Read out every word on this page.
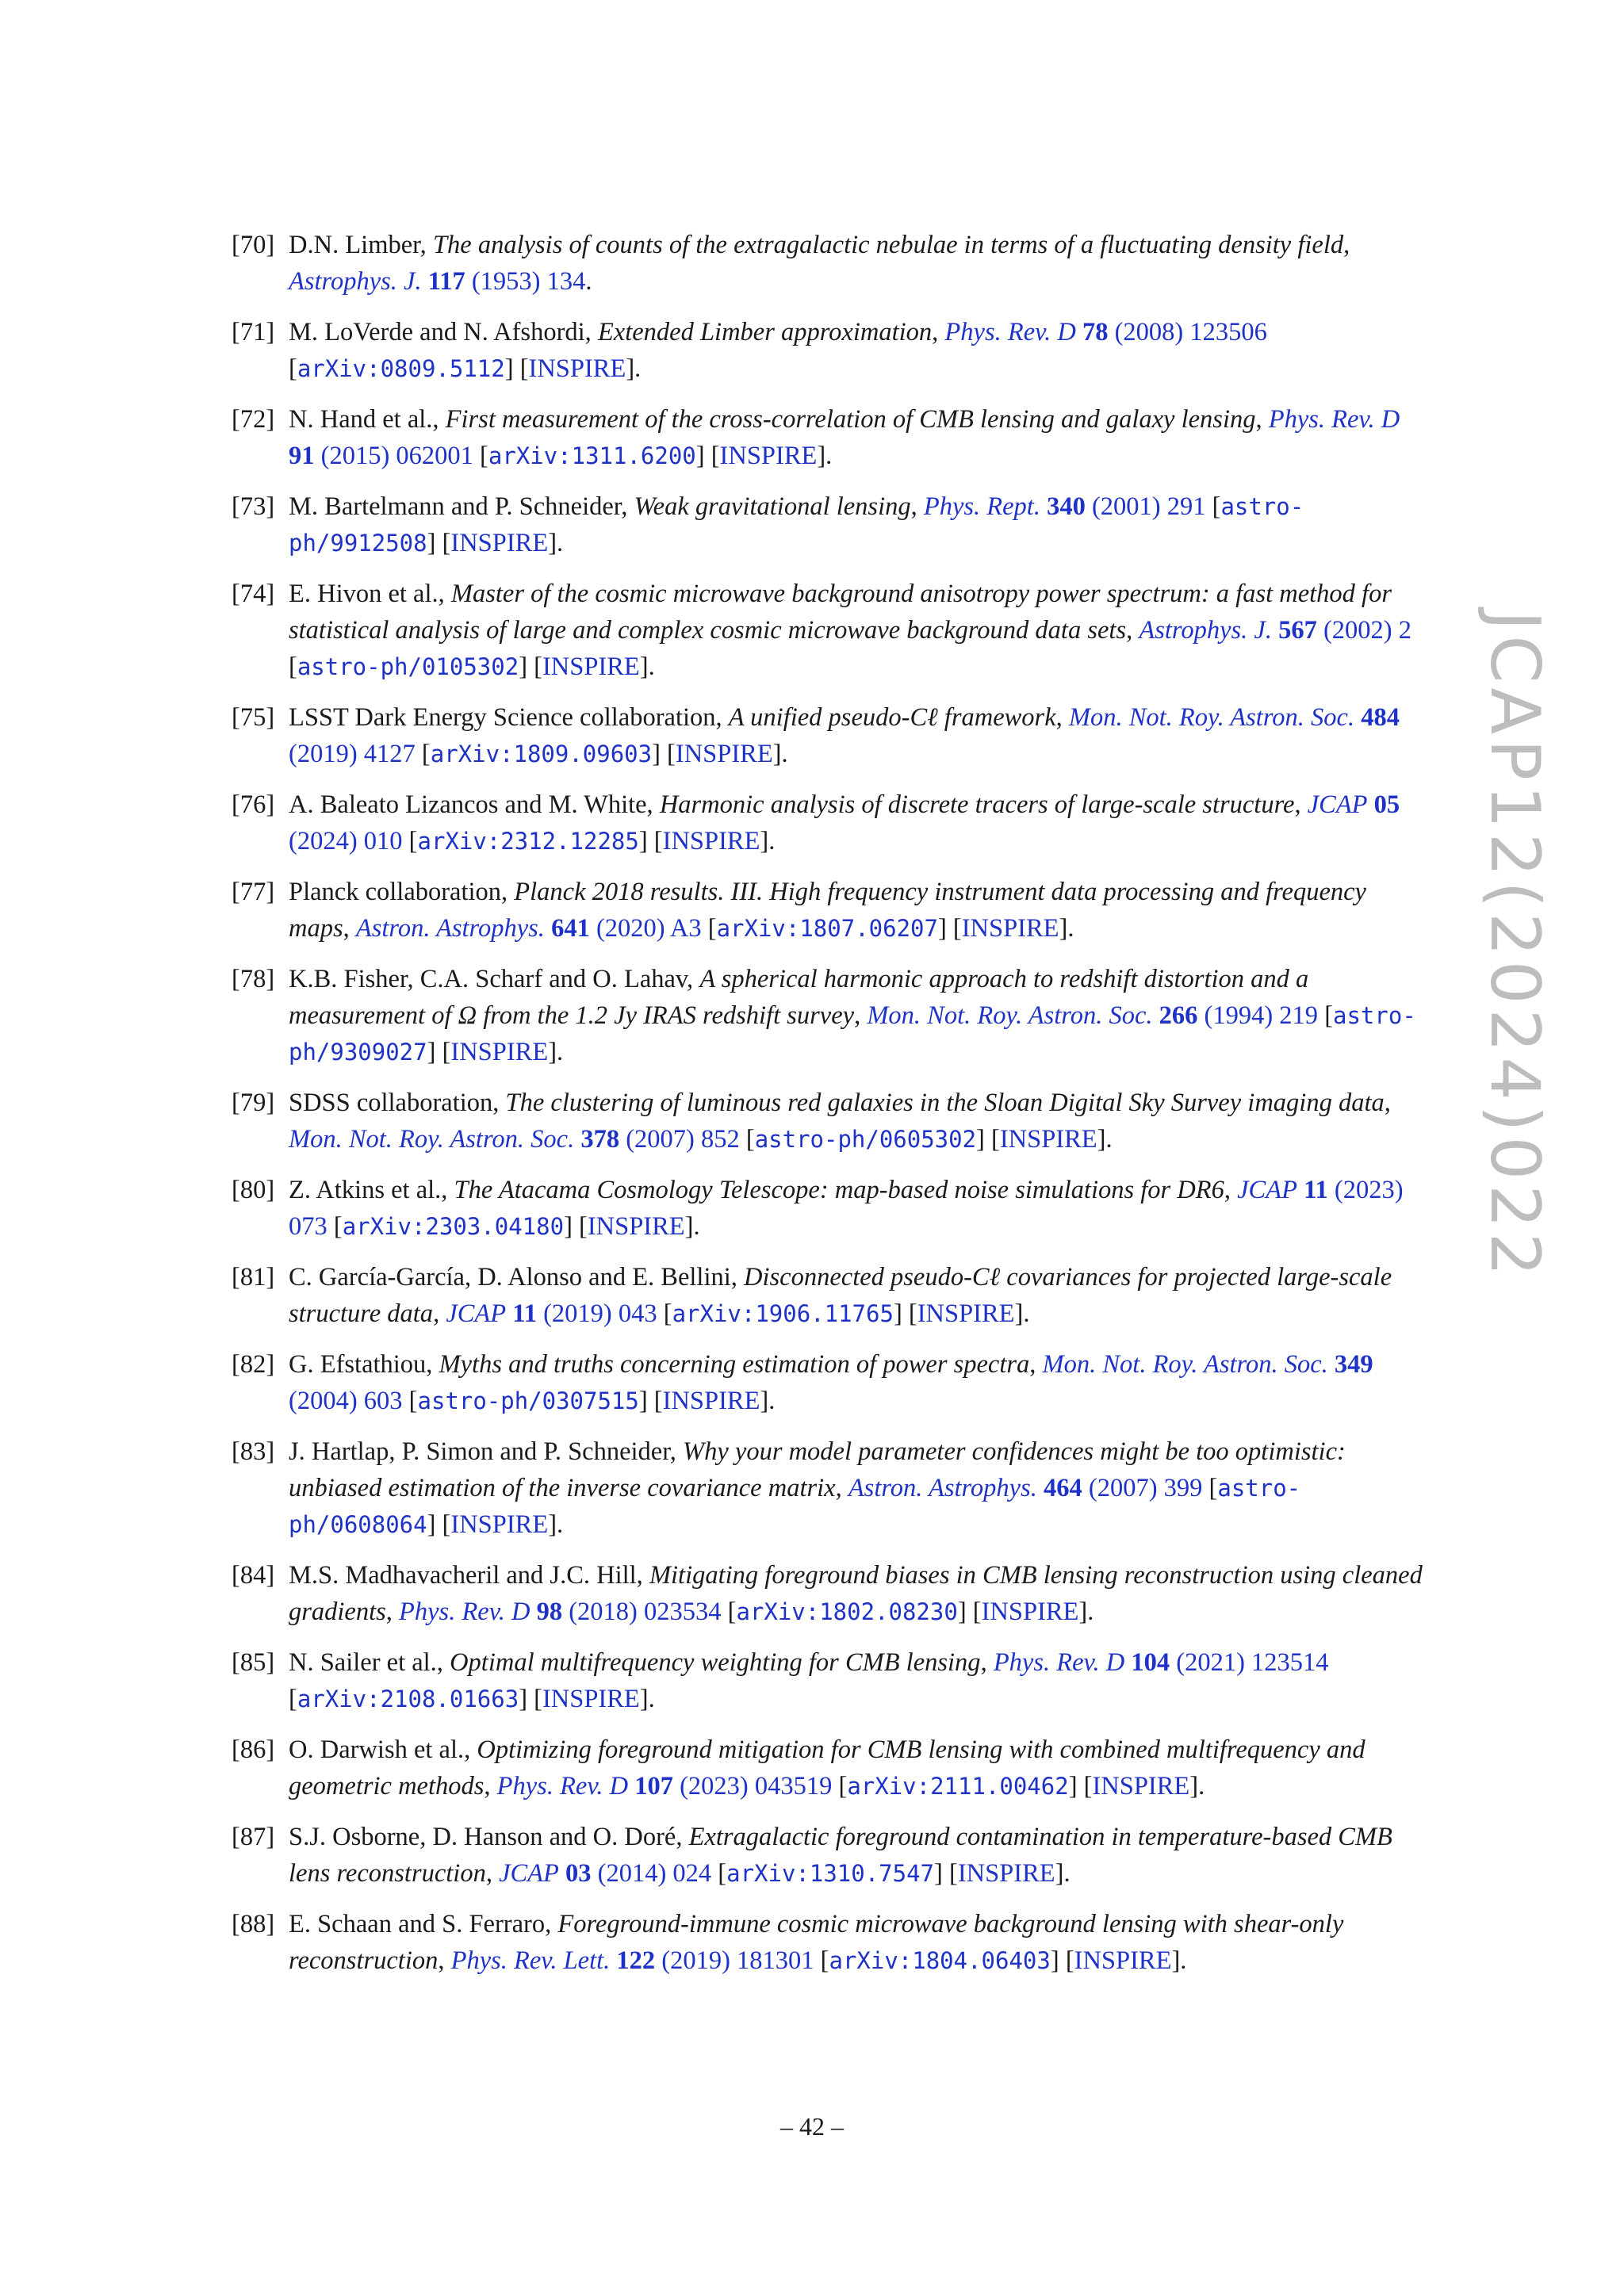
[70] D.N. Limber, The analysis of counts of the extragalactic nebulae in terms of a fluctuating density field, Astrophys. J. 117 (1953) 134.
[71] M. LoVerde and N. Afshordi, Extended Limber approximation, Phys. Rev. D 78 (2008) 123506 [arXiv:0809.5112] [INSPIRE].
[72] N. Hand et al., First measurement of the cross-correlation of CMB lensing and galaxy lensing, Phys. Rev. D 91 (2015) 062001 [arXiv:1311.6200] [INSPIRE].
[73] M. Bartelmann and P. Schneider, Weak gravitational lensing, Phys. Rept. 340 (2001) 291 [astro-ph/9912508] [INSPIRE].
[74] E. Hivon et al., Master of the cosmic microwave background anisotropy power spectrum: a fast method for statistical analysis of large and complex cosmic microwave background data sets, Astrophys. J. 567 (2002) 2 [astro-ph/0105302] [INSPIRE].
[75] LSST Dark Energy Science collaboration, A unified pseudo-Cℓ framework, Mon. Not. Roy. Astron. Soc. 484 (2019) 4127 [arXiv:1809.09603] [INSPIRE].
[76] A. Baleato Lizancos and M. White, Harmonic analysis of discrete tracers of large-scale structure, JCAP 05 (2024) 010 [arXiv:2312.12285] [INSPIRE].
[77] Planck collaboration, Planck 2018 results. III. High frequency instrument data processing and frequency maps, Astron. Astrophys. 641 (2020) A3 [arXiv:1807.06207] [INSPIRE].
[78] K.B. Fisher, C.A. Scharf and O. Lahav, A spherical harmonic approach to redshift distortion and a measurement of Ω from the 1.2 Jy IRAS redshift survey, Mon. Not. Roy. Astron. Soc. 266 (1994) 219 [astro-ph/9309027] [INSPIRE].
[79] SDSS collaboration, The clustering of luminous red galaxies in the Sloan Digital Sky Survey imaging data, Mon. Not. Roy. Astron. Soc. 378 (2007) 852 [astro-ph/0605302] [INSPIRE].
[80] Z. Atkins et al., The Atacama Cosmology Telescope: map-based noise simulations for DR6, JCAP 11 (2023) 073 [arXiv:2303.04180] [INSPIRE].
[81] C. García-García, D. Alonso and E. Bellini, Disconnected pseudo-Cℓ covariances for projected large-scale structure data, JCAP 11 (2019) 043 [arXiv:1906.11765] [INSPIRE].
[82] G. Efstathiou, Myths and truths concerning estimation of power spectra, Mon. Not. Roy. Astron. Soc. 349 (2004) 603 [astro-ph/0307515] [INSPIRE].
[83] J. Hartlap, P. Simon and P. Schneider, Why your model parameter confidences might be too optimistic: unbiased estimation of the inverse covariance matrix, Astron. Astrophys. 464 (2007) 399 [astro-ph/0608064] [INSPIRE].
[84] M.S. Madhavacheril and J.C. Hill, Mitigating foreground biases in CMB lensing reconstruction using cleaned gradients, Phys. Rev. D 98 (2018) 023534 [arXiv:1802.08230] [INSPIRE].
[85] N. Sailer et al., Optimal multifrequency weighting for CMB lensing, Phys. Rev. D 104 (2021) 123514 [arXiv:2108.01663] [INSPIRE].
[86] O. Darwish et al., Optimizing foreground mitigation for CMB lensing with combined multifrequency and geometric methods, Phys. Rev. D 107 (2023) 043519 [arXiv:2111.00462] [INSPIRE].
[87] S.J. Osborne, D. Hanson and O. Doré, Extragalactic foreground contamination in temperature-based CMB lens reconstruction, JCAP 03 (2014) 024 [arXiv:1310.7547] [INSPIRE].
[88] E. Schaan and S. Ferraro, Foreground-immune cosmic microwave background lensing with shear-only reconstruction, Phys. Rev. Lett. 122 (2019) 181301 [arXiv:1804.06403] [INSPIRE].
JCAP12(2024)022
– 42 –
